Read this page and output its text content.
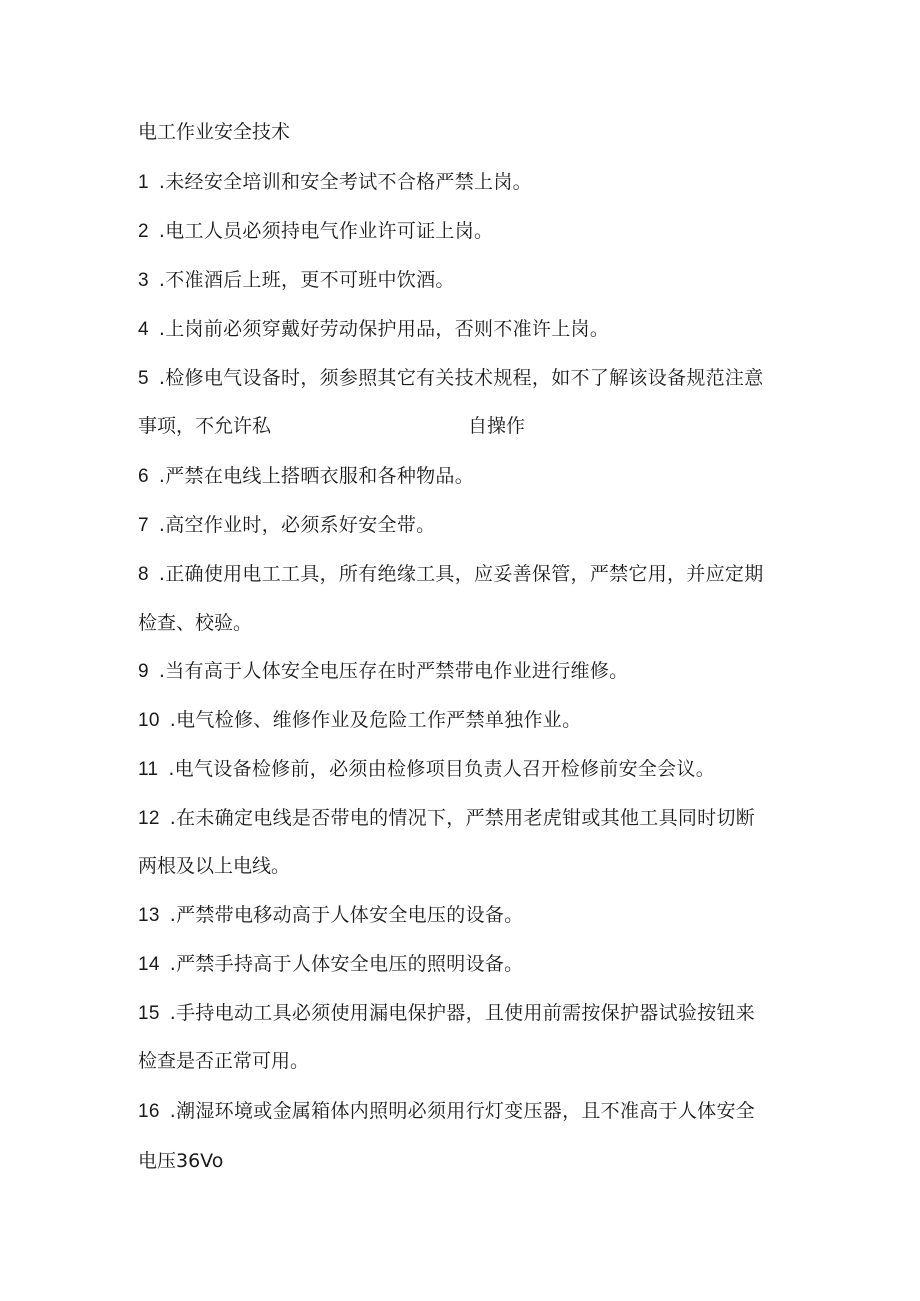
电工作业安全技术
1 .未经安全培训和安全考试不合格严禁上岗。
2 .电工人员必须持电气作业许可证上岗。
3 .不准酒后上班，更不可班中饮酒。
4 .上岗前必须穿戴好劳动保护用品，否则不准许上岗。
5 .检修电气设备时，须参照其它有关技术规程，如不了解该设备规范注意
事项，不允许私	自操作
6 .严禁在电线上搭晒衣服和各种物品。
7 .高空作业时，必须系好安全带。
8 .正确使用电工工具，所有绝缘工具，应妥善保管，严禁它用，并应定期
检查、校验。
9 .当有高于人体安全电压存在时严禁带电作业进行维修。
10 .电气检修、维修作业及危险工作严禁单独作业。
11 .电气设备检修前，必须由检修项目负责人召开检修前安全会议。
12 .在未确定电线是否带电的情况下，严禁用老虎钳或其他工具同时切断
两根及以上电线。
13 .严禁带电移动高于人体安全电压的设备。
14 .严禁手持高于人体安全电压的照明设备。
15 .手持电动工具必须使用漏电保护器，且使用前需按保护器试验按钮来
检查是否正常可用。
16 .潮湿环境或金属箱体内照明必须用行灯变压器，且不准高于人体安全
电压36Vo
